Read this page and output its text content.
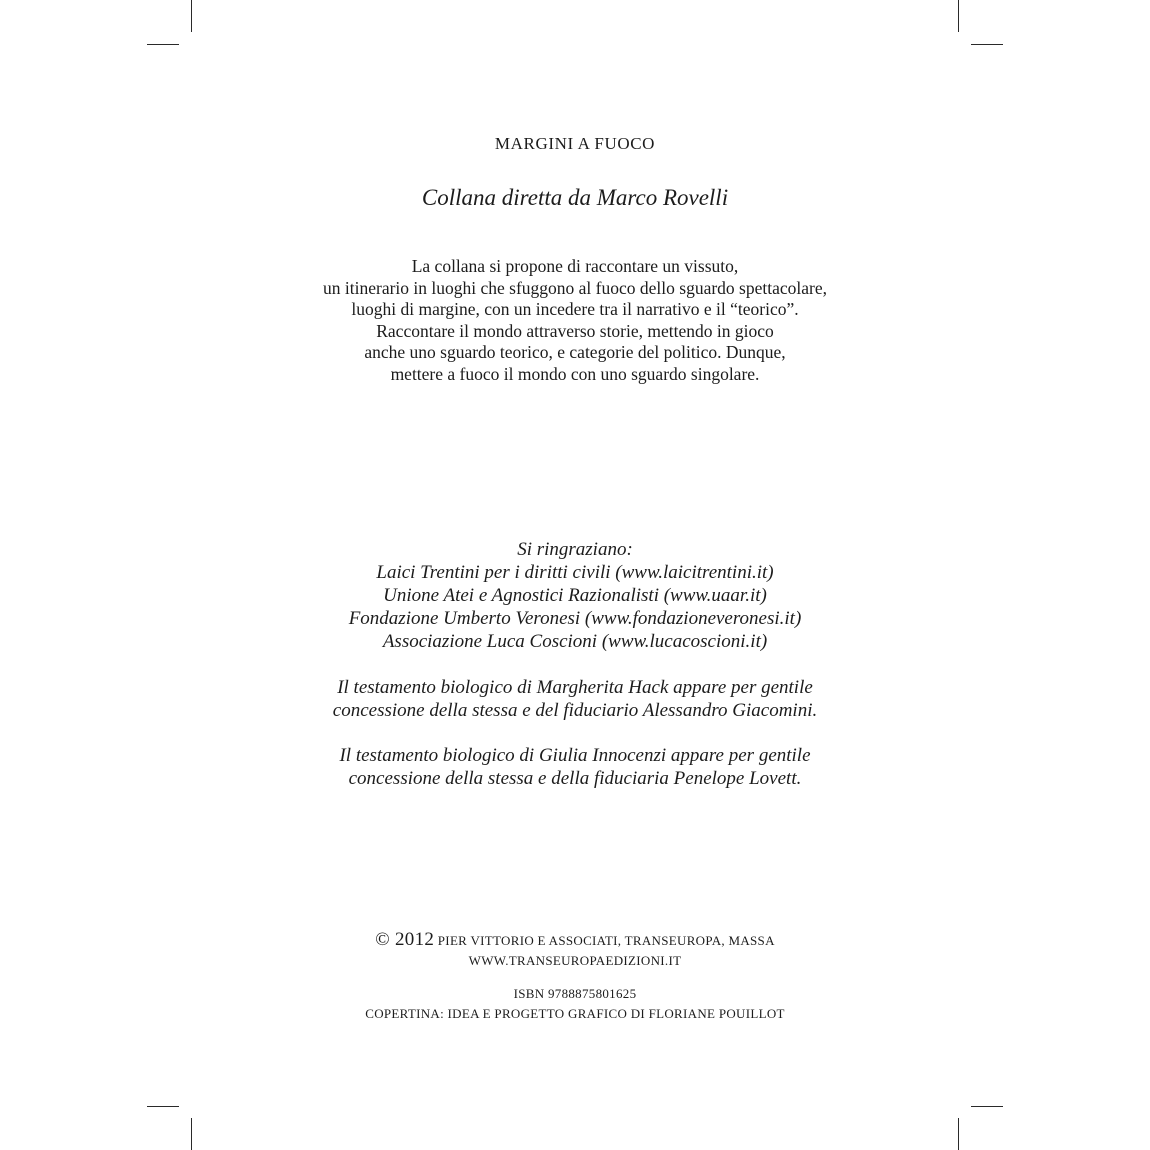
MARGINI A FUOCO
Collana diretta da Marco Rovelli
La collana si propone di raccontare un vissuto,
un itinerario in luoghi che sfuggono al fuoco dello sguardo spettacolare,
luoghi di margine, con un incedere tra il narrativo e il “teorico”.
Raccontare il mondo attraverso storie, mettendo in gioco
anche uno sguardo teorico, e categorie del politico. Dunque,
mettere a fuoco il mondo con uno sguardo singolare.
Si ringraziano:
Laici Trentini per i diritti civili (www.laicitrentini.it)
Unione Atei e Agnostici Razionalisti (www.uaar.it)
Fondazione Umberto Veronesi (www.fondazioneveronesi.it)
Associazione Luca Coscioni (www.lucacoscioni.it)
Il testamento biologico di Margherita Hack appare per gentile
concessione della stessa e del fiduciario Alessandro Giacomini.
Il testamento biologico di Giulia Innocenzi appare per gentile
concessione della stessa e della fiduciaria Penelope Lovett.
© 2012 PIER VITTORIO E ASSOCIATI, TRANSEUROPA, MASSA
WWW.TRANSEUROPAEDIZIONI.IT
ISBN 9788875801625
COPERTINA: IDEA E PROGETTO GRAFICO DI FLORIANE POUILLOT
